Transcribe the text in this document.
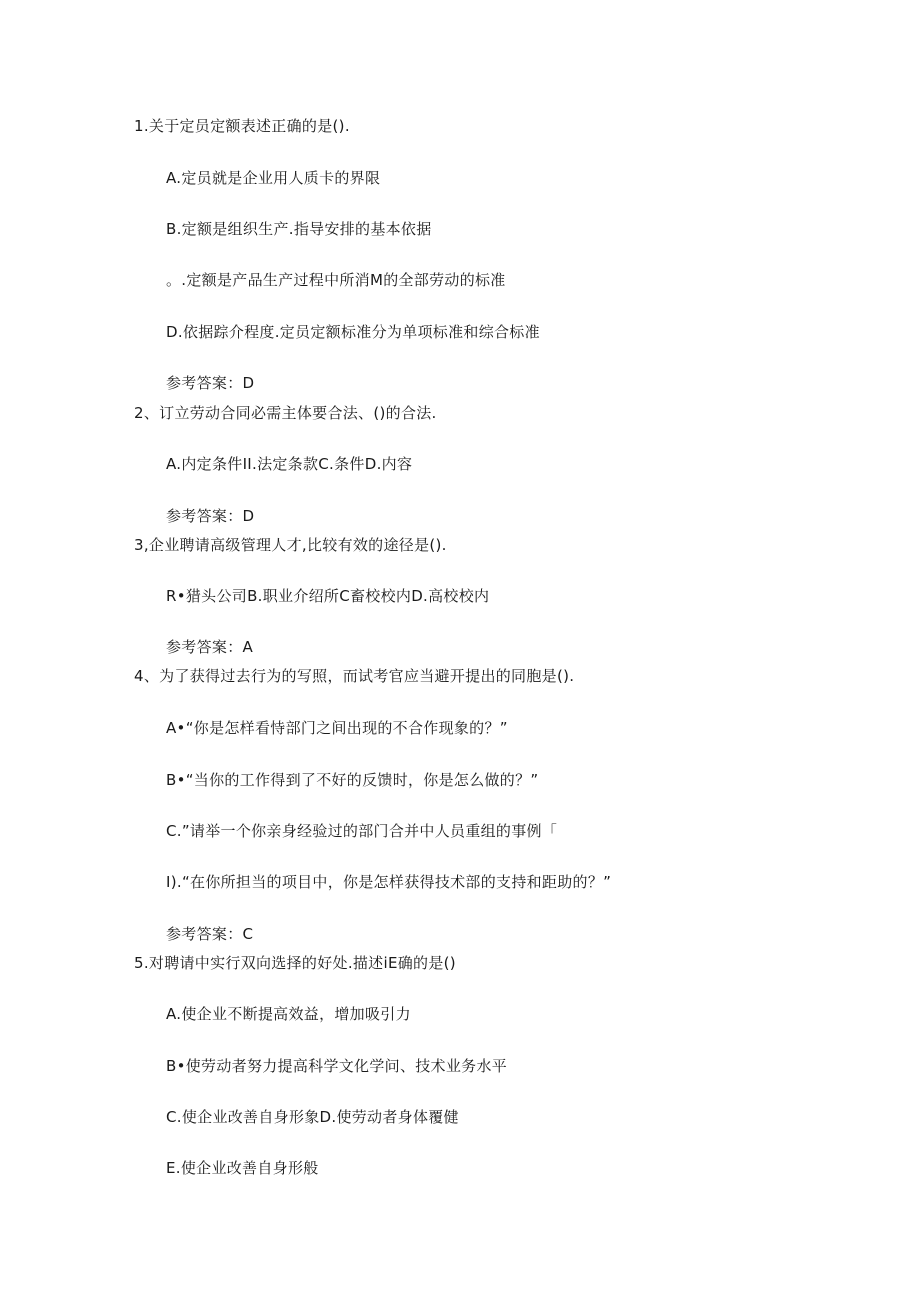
1.关于定员定额表述正确的是().
A.定员就是企业用人质卡的界限
B.定额是组织生产.指导安排的基本依据
。.定额是产品生产过程中所消M的全部劳动的标准
D.依据踪介程度.定员定额标准分为单项标准和综合标准
参考答案：D
2、订立劳动合同必需主体要合法、()的合法.
A.内定条件II.法定条款C.条件D.内容
参考答案：D
3,企业聘请高级管理人才,比较有效的途径是().
R•猎头公司B.职业介绍所C畜校校内D.高校校内
参考答案：A
4、为了获得过去行为的写照，而试考官应当避开提出的同胞是().
A•“你是怎样看恃部门之间出现的不合作现象的？”
B•“当你的工作得到了不好的反馈时，你是怎么做的？”
C.”请举一个你亲身经验过的部门合并中人员重组的事例「
I).“在你所担当的项目中，你是怎样获得技术部的支持和距助的？”
参考答案：C
5.对聘请中实行双向选择的好处.描述iE确的是()
A.使企业不断提高效益，增加吸引力
B•使劳动者努力提高科学文化学问、技术业务水平
C.使企业改善自身形象D.使劳动者身体覆健
E.使企业改善自身形般
